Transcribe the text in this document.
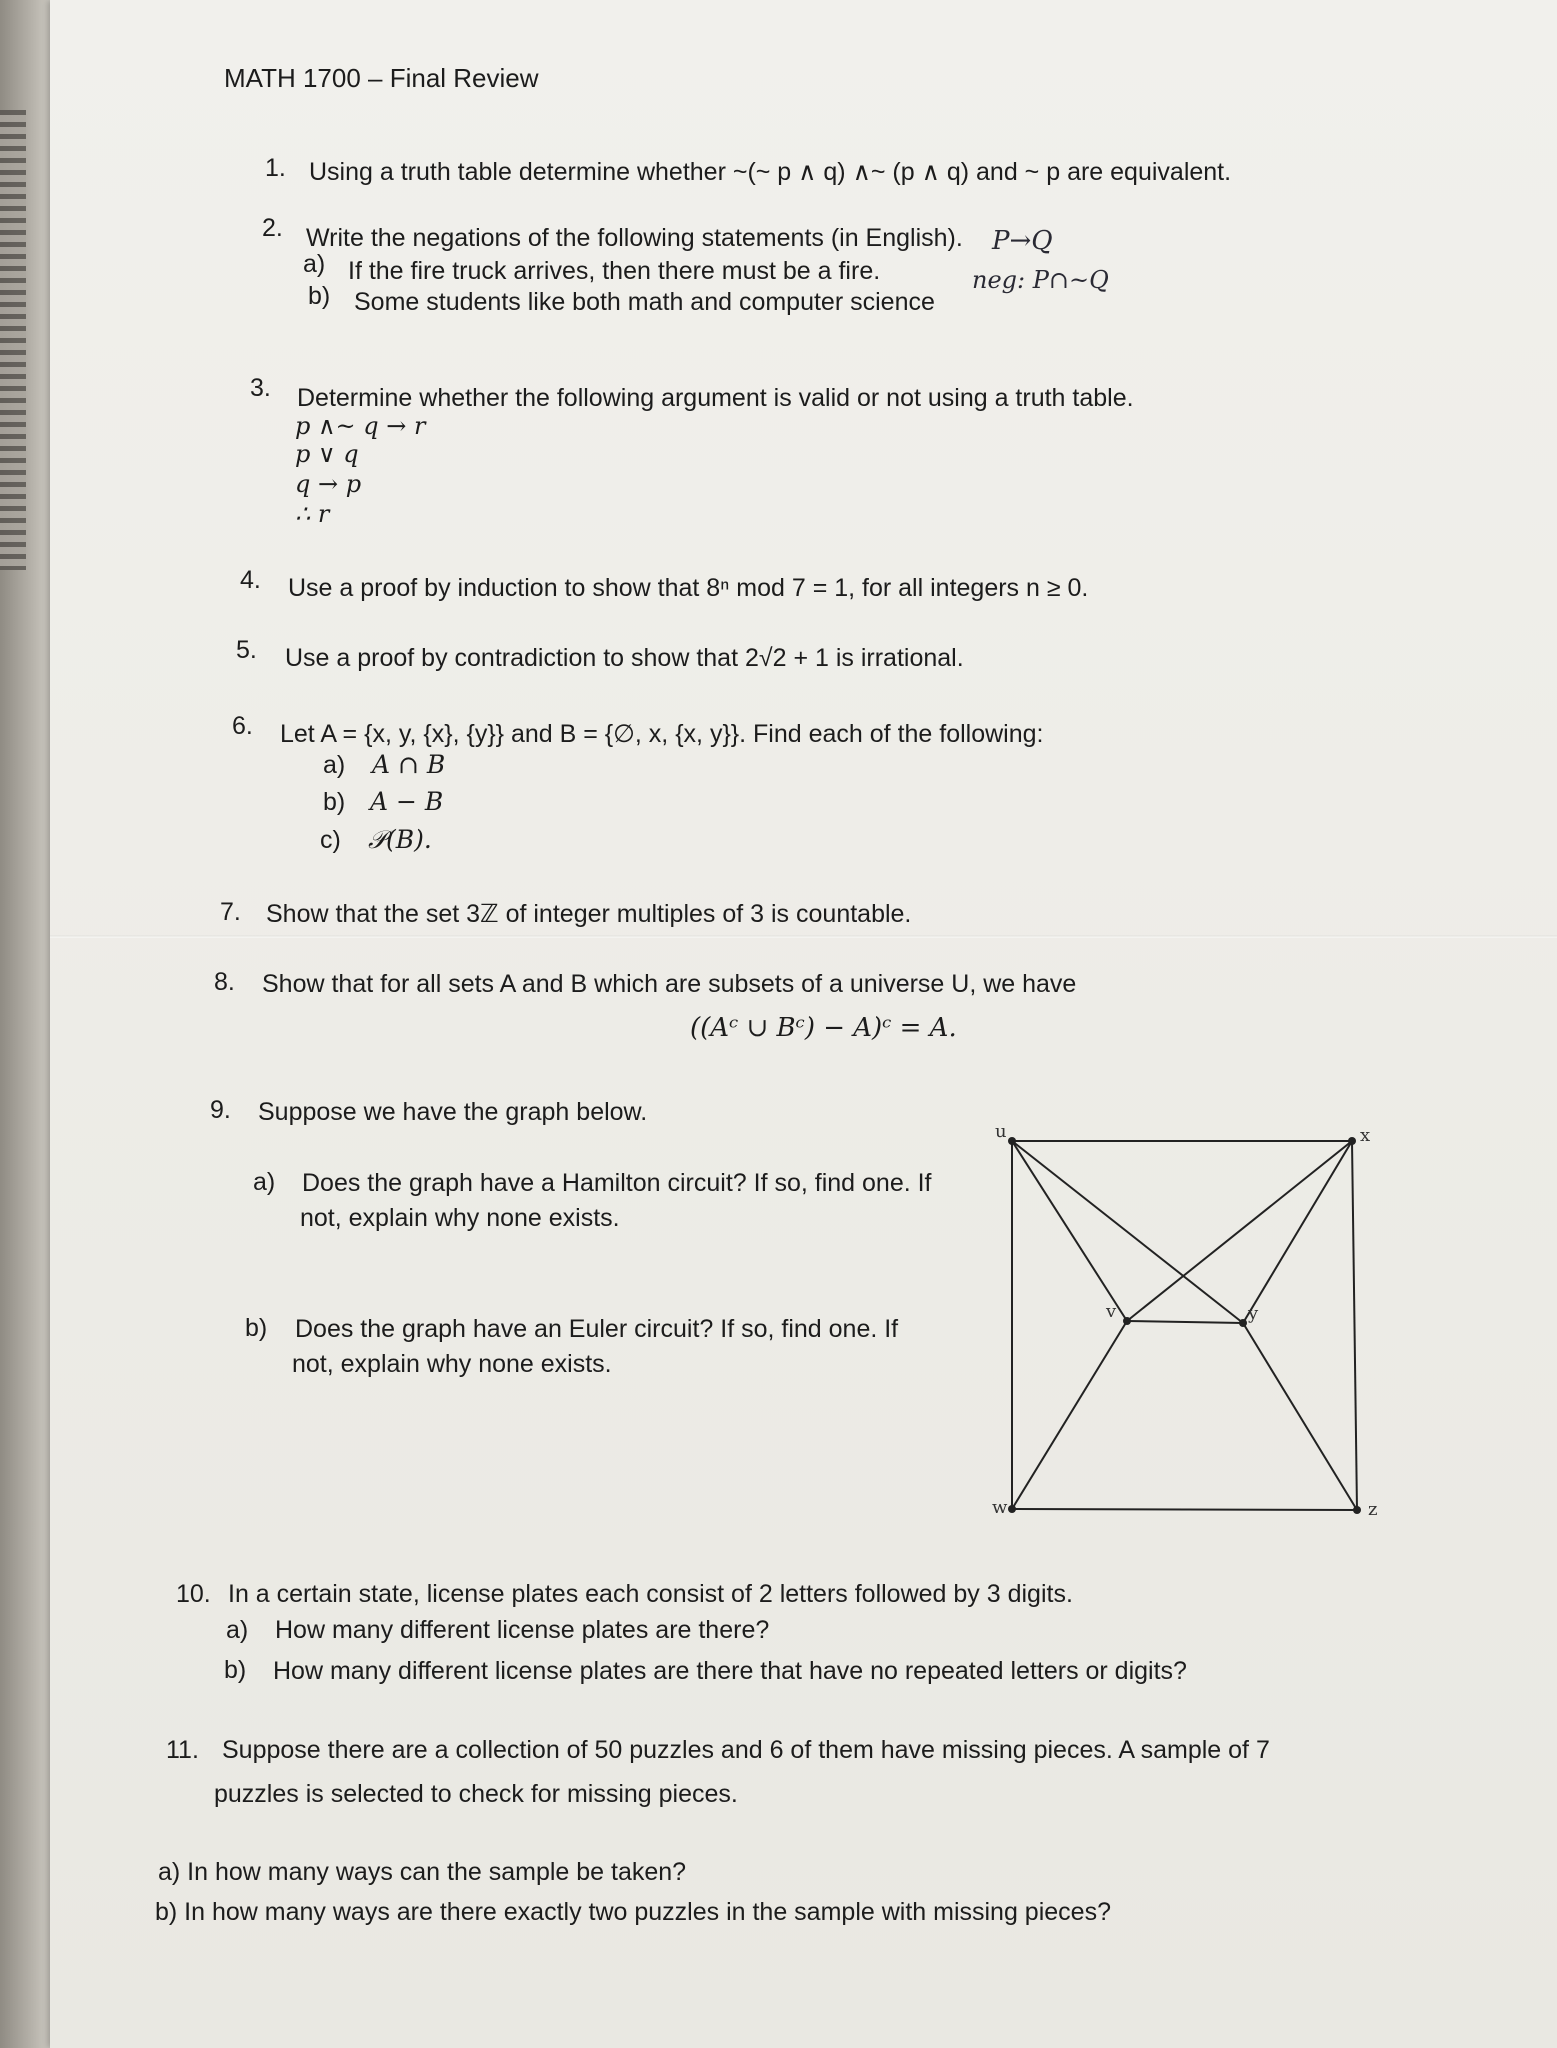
MATH 1700 – Final Review
1. Using a truth table determine whether ~(~ p ∧ q) ∧~ (p ∧ q) and ~ p are equivalent.
2. Write the negations of the following statements (in English).
a) If the fire truck arrives, then there must be a fire.
b) Some students like both math and computer science
P→Q
neg: P∩~Q
3. Determine whether the following argument is valid or not using a truth table.
p ∧~ q → r
p ∨ q
q → p
∴ r
4. Use a proof by induction to show that 8ⁿ mod 7 = 1, for all integers n ≥ 0.
5. Use a proof by contradiction to show that 2√2 + 1 is irrational.
6. Let A = {x, y, {x}, {y}} and B = {∅, x, {x, y}}. Find each of the following:
a) A ∩ B
b) A − B
c) 𝒫(B).
7. Show that the set 3ℤ of integer multiples of 3 is countable.
8. Show that for all sets A and B which are subsets of a universe U, we have
((Aᶜ ∪ Bᶜ) − A)ᶜ = A.
9. Suppose we have the graph below.
a) Does the graph have a Hamilton circuit? If so, find one. If
not, explain why none exists.
b) Does the graph have an Euler circuit? If so, find one. If
not, explain why none exists.
u	x
v	y
w	z
10. In a certain state, license plates each consist of 2 letters followed by 3 digits.
a) How many different license plates are there?
b) How many different license plates are there that have no repeated letters or digits?
11. Suppose there are a collection of 50 puzzles and 6 of them have missing pieces. A sample of 7
puzzles is selected to check for missing pieces.
a) In how many ways can the sample be taken?
b) In how many ways are there exactly two puzzles in the sample with missing pieces?
